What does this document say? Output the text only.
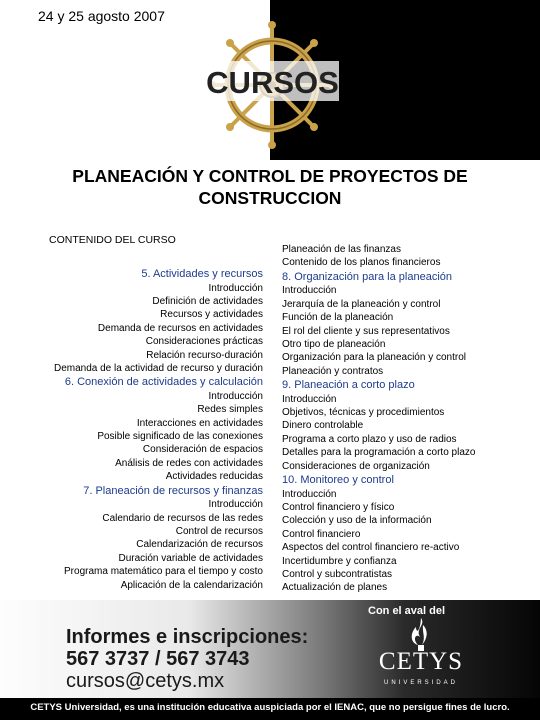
24 y 25 agosto 2007
CURSOS
PLANEACIÓN Y CONTROL DE PROYECTOS DE
CONSTRUCCION
CONTENIDO DEL CURSO
5. Actividades y recursos
Introducción
Definición de actividades
Recursos y actividades
Demanda de recursos en actividades
Consideraciones prácticas
Relación recurso-duración
Demanda de la actividad de recurso y duración
6. Conexión de actividades y calculación
Introducción
Redes simples
Interacciones en actividades
Posible significado de las conexiones
Consideración de espacios
Análisis de redes con actividades
Actividades reducidas
7. Planeación de recursos y finanzas
Introducción
Calendario de recursos de las redes
Control de recursos
Calendarización de recursos
Duración variable de actividades
Programa matemático para el tiempo y costo
Aplicación de la calendarización
Planeación de las finanzas
Contenido de los planos financieros
8. Organización para la planeación
Introducción
Jerarquía de la planeación y control
Función de la planeación
El rol del cliente y sus representativos
Otro tipo de planeación
Organización para la planeación y control
Planeación y contratos
9. Planeación a corto plazo
Introducción
Objetivos, técnicas y procedimientos
Dinero controlable
Programa a corto plazo y uso de radios
Detalles para la programación a corto plazo
Consideraciones de organización
10. Monitoreo y control
Introducción
Control financiero y físico
Colección y uso de la información
Control financiero
Aspectos del control financiero re-activo
Incertidumbre y confianza
Control y subcontratistas
Actualización de planes
Con el aval del
CETYS
UNIVERSIDAD
Informes e inscripciones:
567 3737 / 567 3743
cursos@cetys.mx
CETYS Universidad, es una institución educativa auspiciada por el IENAC, que no persigue fines de lucro.
